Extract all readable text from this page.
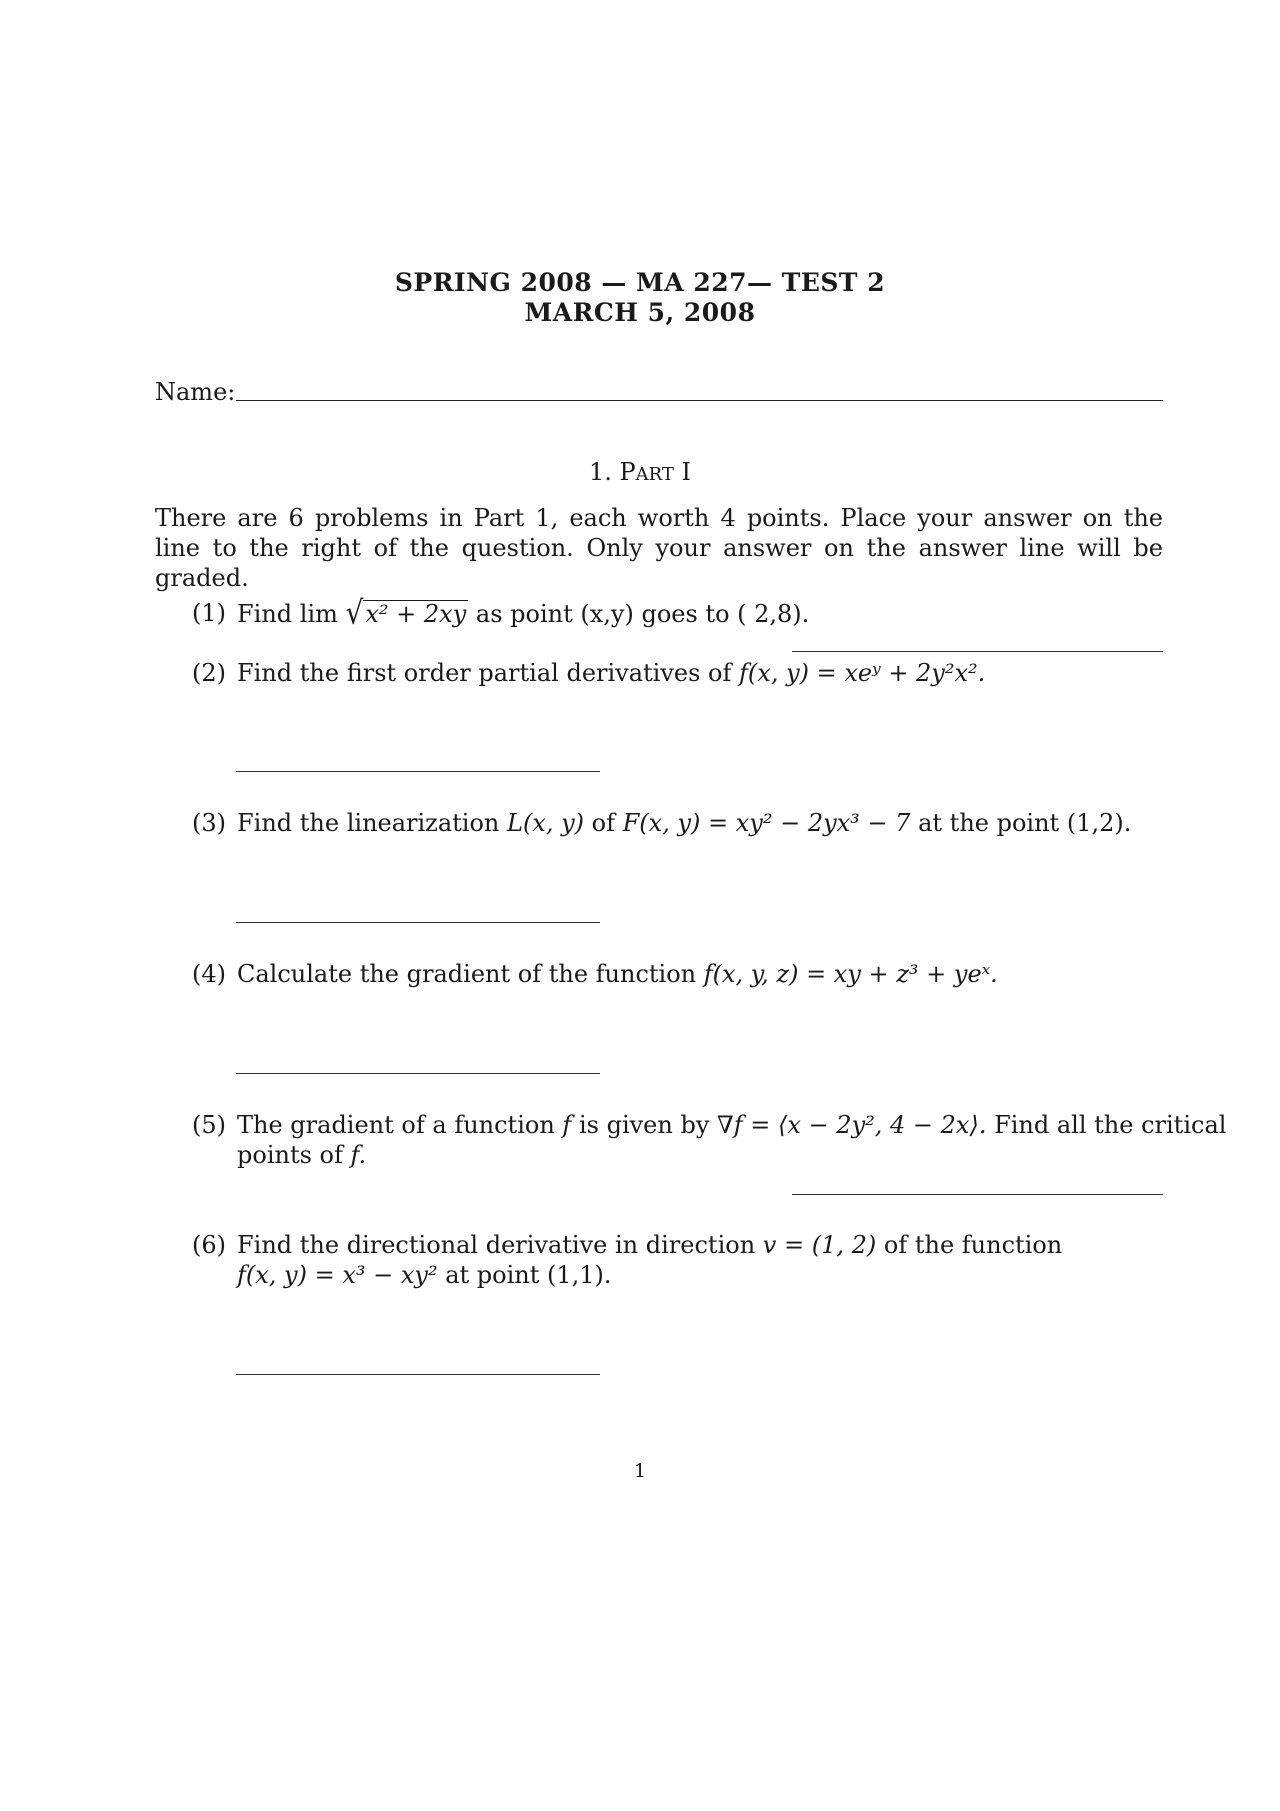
SPRING 2008 — MA 227— TEST 2
MARCH 5, 2008
Name:
1. PART I
There are 6 problems in Part 1, each worth 4 points. Place your answer on the line to the right of the question. Only your answer on the answer line will be graded.
(1) Find lim √x² + 2xy as point (x,y) goes to ( 2,8).
(2) Find the first order partial derivatives of f(x, y) = xeʸ + 2y²x².
(3) Find the linearization L(x, y) of F(x, y) = xy² − 2yx³ − 7 at the point (1,2).
(4) Calculate the gradient of the function f(x, y, z) = xy + z³ + yeˣ.
(5) The gradient of a function f is given by ∇f = ⟨x − 2y², 4 − 2x⟩. Find all the critical
points of f.
(6) Find the directional derivative in direction v = (1, 2) of the function
f(x, y) = x³ − xy² at point (1,1).
1
